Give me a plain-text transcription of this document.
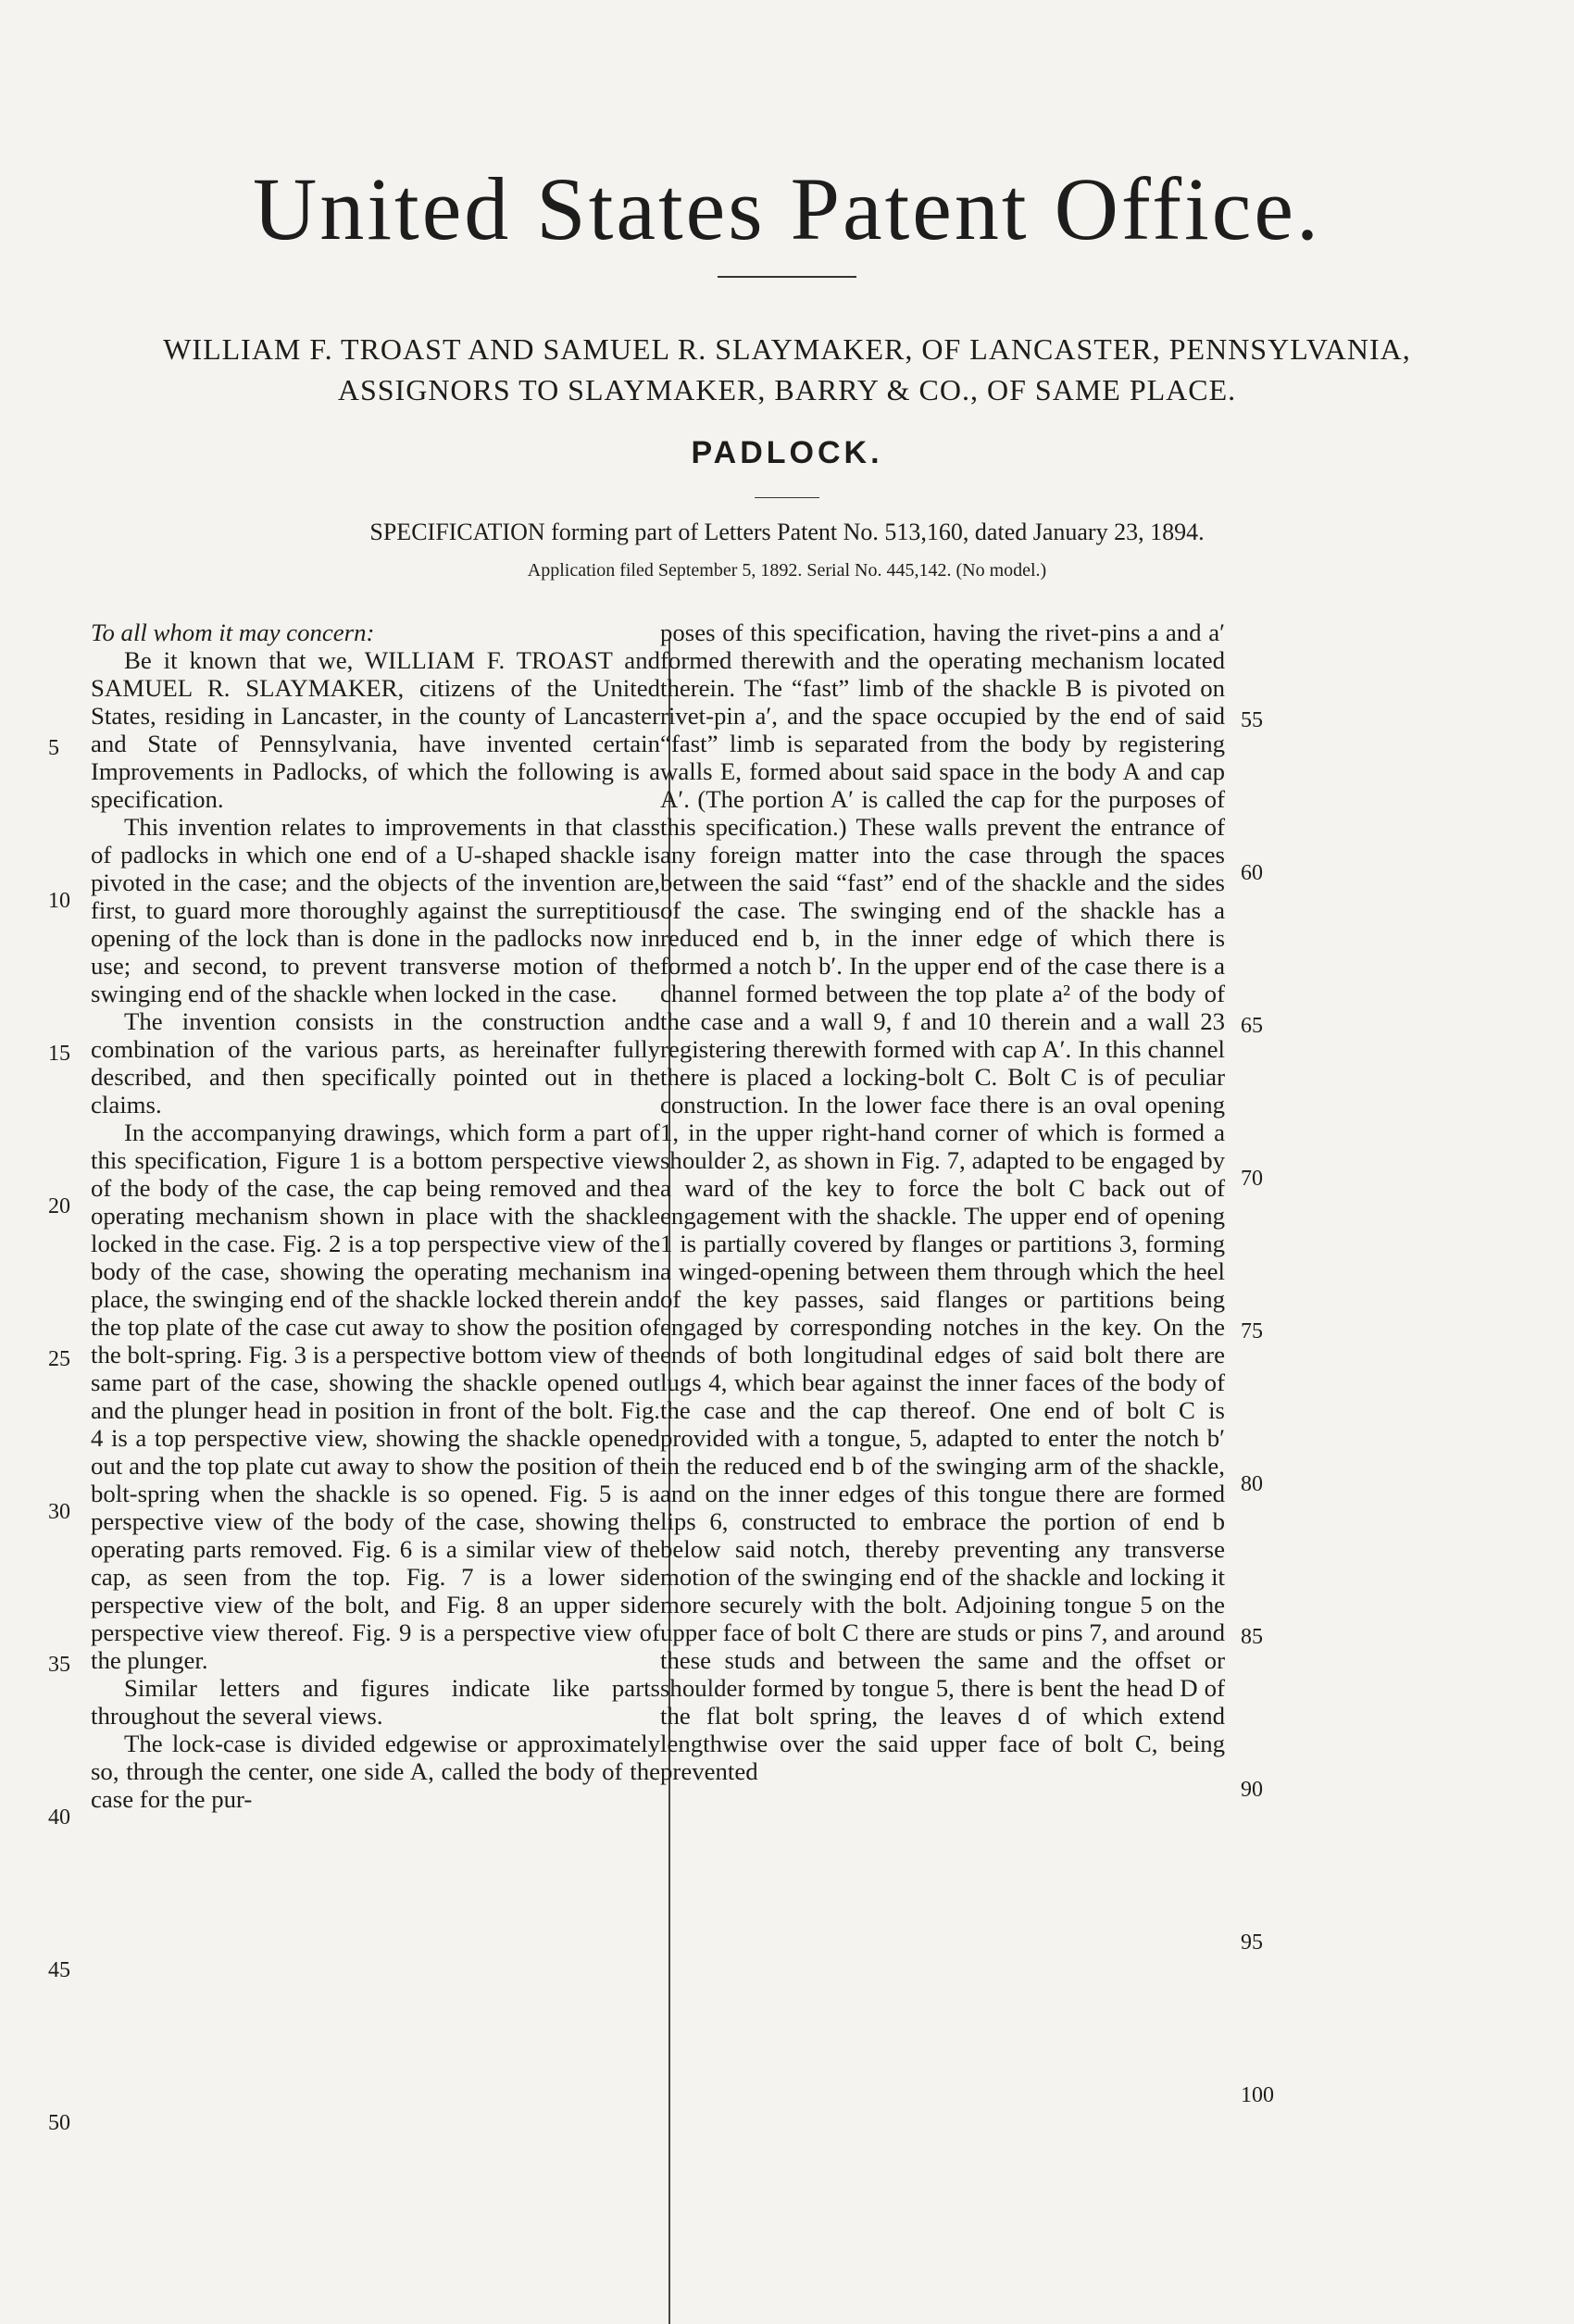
United States Patent Office.
WILLIAM F. TROAST AND SAMUEL R. SLAYMAKER, OF LANCASTER, PENNSYLVANIA, ASSIGNORS TO SLAYMAKER, BARRY & CO., OF SAME PLACE.
PADLOCK.
SPECIFICATION forming part of Letters Patent No. 513,160, dated January 23, 1894.
Application filed September 5, 1892. Serial No. 445,142. (No model.)

To all whom it may concern:

Be it known that we, WILLIAM F. TROAST and SAMUEL R. SLAYMAKER, citizens of the United States, residing in Lancaster, in the county of Lancaster and State of Pennsylvania, have invented certain Improvements in Padlocks, of which the following is a specification.

This invention relates to improvements in that class of padlocks in which one end of a U-shaped shackle is pivoted in the case; and the objects of the invention are, first, to guard more thoroughly against the surreptitious opening of the lock than is done in the padlocks now in use; and second, to prevent transverse motion of the swinging end of the shackle when locked in the case.

The invention consists in the construction and combination of the various parts, as hereinafter fully described, and then specifically pointed out in the claims.

In the accompanying drawings, which form a part of this specification, Figure 1 is a bottom perspective view of the body of the case, the cap being removed and the operating mechanism shown in place with the shackle locked in the case. Fig. 2 is a top perspective view of the body of the case, showing the operating mechanism in place, the swinging end of the shackle locked therein and the top plate of the case cut away to show the position of the bolt-spring. Fig. 3 is a perspective bottom view of the same part of the case, showing the shackle opened out and the plunger head in position in front of the bolt. Fig. 4 is a top perspective view, showing the shackle opened out and the top plate cut away to show the position of the bolt-spring when the shackle is so opened. Fig. 5 is a perspective view of the body of the case, showing the operating parts removed. Fig. 6 is a similar view of the cap, as seen from the top. Fig. 7 is a lower side perspective view of the bolt, and Fig. 8 an upper side perspective view thereof. Fig. 9 is a perspective view of the plunger.

Similar letters and figures indicate like parts throughout the several views.

The lock-case is divided edgewise or approximately so, through the center, one side A, called the body of the case for the pur-

poses of this specification, having the rivet-pins a and a′ formed therewith and the operating mechanism located therein. The “fast” limb of the shackle B is pivoted on rivet-pin a′, and the space occupied by the end of said “fast” limb is separated from the body by registering walls E, formed about said space in the body A and cap A′. (The portion A′ is called the cap for the purposes of this specification.) These walls prevent the entrance of any foreign matter into the case through the spaces between the said “fast” end of the shackle and the sides of the case. The swinging end of the shackle has a reduced end b, in the inner edge of which there is formed a notch b′. In the upper end of the case there is a channel formed between the top plate a² of the body of the case and a wall 9, f and 10 therein and a wall 23 registering therewith formed with cap A′. In this channel there is placed a locking-bolt C. Bolt C is of peculiar construction. In the lower face there is an oval opening 1, in the upper right-hand corner of which is formed a shoulder 2, as shown in Fig. 7, adapted to be engaged by a ward of the key to force the bolt C back out of engagement with the shackle. The upper end of opening 1 is partially covered by flanges or partitions 3, forming a winged-opening between them through which the heel of the key passes, said flanges or partitions being engaged by corresponding notches in the key. On the ends of both longitudinal edges of said bolt there are lugs 4, which bear against the inner faces of the body of the case and the cap thereof. One end of bolt C is provided with a tongue, 5, adapted to enter the notch b′ in the reduced end b of the swinging arm of the shackle, and on the inner edges of this tongue there are formed lips 6, constructed to embrace the portion of end b below said notch, thereby preventing any transverse motion of the swinging end of the shackle and locking it more securely with the bolt. Adjoining tongue 5 on the upper face of bolt C there are studs or pins 7, and around these studs and between the same and the offset or shoulder formed by tongue 5, there is bent the head D of the flat bolt spring, the leaves d of which extend lengthwise over the said upper face of bolt C, being prevented

5
10
15
20
25
30
35
40
45
50
55
60
65
70
75
80
85
90
95
100
